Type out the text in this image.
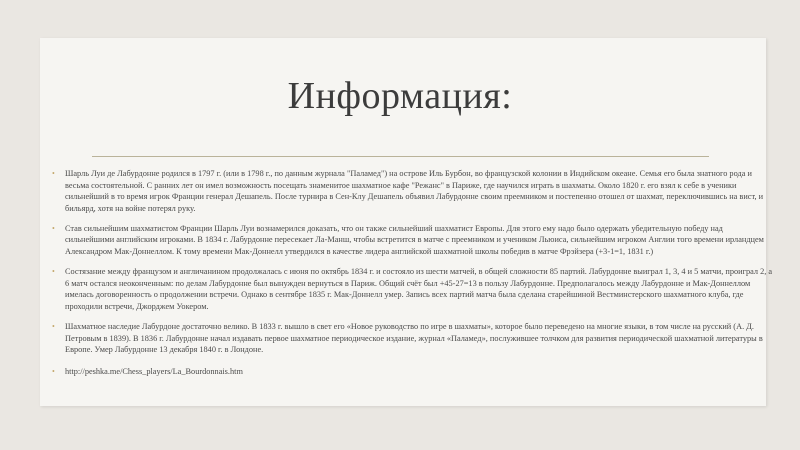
Информация:
• Шарль Луи де Лабурдонне родился в 1797 г. (или в 1798 г., по данным журнала "Паламед") на острове Иль Бурбон, во французской колонии в Индийском океане. Семья его была знатного рода и весьма состоятельной. С ранних лет он имел возможность посещать знаменитое шахматное кафе "Режанс" в Париже, где научился играть в шахматы. Около 1820 г. его взял к себе в ученики сильнейший в то время игрок Франции генерал Дешапель. После турнира в Сен-Клу Дешапель объявил Лабурдонне своим преемником и постепенно отошел от шахмат, переключившись на вист, и бильярд, хотя на войне потерял руку.
• Став сильнейшим шахматистом Франции Шарль Луи вознамерился доказать, что он также сильнейший шахматист Европы. Для этого ему надо было одержать убедительную победу над сильнейшими английским игроками. В 1834 г. Лабурдонне пересекает Ла-Манш, чтобы встретится в матче с преемником и учеником Льюиса, сильнейшим игроком Англии того времени ирландцем Александром Мак-Доннеллом. К тому времени Мак-Доннелл утвердился в качестве лидера английской шахматной школы победив в матче Фрэйзера (+3-1=1, 1831 г.)
• Состязание между французом и англичанином продолжалась с июня по октябрь 1834 г. и состояло из шести матчей, в общей сложности 85 партий. Лабурдонне выиграл 1, 3, 4 и 5 матчи, проиграл 2, а 6 матч остался неоконченным: по делам Лабурдонне был вынужден вернуться в Париж. Общий счёт был +45-27=13 в пользу Лабурдонне. Предполагалось между Лабурдонне и Мак-Доннеллом имелась договоренность о продолжении встречи. Однако в сентябре 1835 г. Мак-Доннелл умер. Запись всех партий матча была сделана старейшиной Вестминстерского шахматного клуба, где проходили встречи, Джорджем Уокером.
• Шахматное наследие Лабурдоне достаточно велико. В 1833 г. вышло в свет его «Новое руководство по игре в шахматы», которое было переведено на многие языки, в том числе на русский (А. Д. Петровым в 1839). В 1836 г. Лабурдонне начал издавать первое шахматное периодическое издание, журнал «Паламед», послужившее толчком для развития периодической шахматной литературы в Европе. Умер Лабурдонне 13 декабря 1840 г. в Лондоне.
• http://peshka.me/Chess_players/La_Bourdonnais.htm
